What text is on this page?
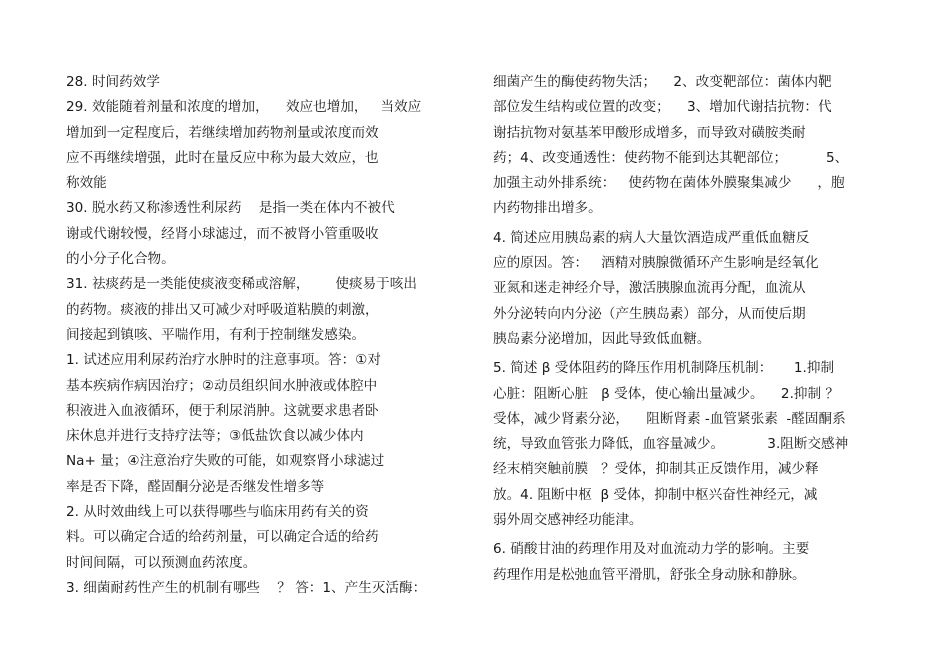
28. 时间药效学
29. 效能随着剂量和浓度的增加，    效应也增加，   当效应
增加到一定程度后，若继续增加药物剂量或浓度而效
应不再继续增强，此时在量反应中称为最大效应，也
称效能
30. 脱水药又称渗透性利尿药    是指一类在体内不被代
谢或代谢较慢，经肾小球滤过，而不被肾小管重吸收
的小分子化合物。
31. 祛痰药是一类能使痰液变稀或溶解，      使痰易于咳出
的药物。痰液的排出又可减少对呼吸道粘膜的刺激，
间接起到镇咳、平喘作用，有利于控制继发感染。
1. 试述应用利尿药治疗水肿时的注意事项。答：①对
基本疾病作病因治疗；②动员组织间水肿液或体腔中
积液进入血液循环，便于利尿消肿。这就要求患者卧
床休息并进行支持疗法等；③低盐饮食以减少体内
Na+ 量；④注意治疗失败的可能，如观察肾小球滤过
率是否下降，醛固酮分泌是否继发性增多等
2. 从时效曲线上可以获得哪些与临床用药有关的资
料。可以确定合适的给药剂量，可以确定合适的给药
时间间隔，可以预测血药浓度。
3. 细菌耐药性产生的机制有哪些    ？ 答：1、产生灭活酶：
细菌产生的酶使药物失活；    2、改变靶部位：菌体内靶
部位发生结构或位置的改变；    3、增加代谢拮抗物：代
谢拮抗物对氨基苯甲酸形成增多，而导致对磺胺类耐
药；4、改变通透性：使药物不能到达其靶部位；         5、
加强主动外排系统：   使药物在菌体外膜聚集减少      ，胞
内药物排出增多。
4. 简述应用胰岛素的病人大量饮酒造成严重低血糖反
应的原因。答：   酒精对胰腺微循环产生影响是经氧化
亚氮和迷走神经介导，激活胰腺血流再分配，血流从
外分泌转向内分泌（产生胰岛素）部分，从而使后期
胰岛素分泌增加，因此导致低血糖。
5. 简述 β 受体阻药的降压作用机制降压机制：     1.抑制
心脏：阻断心脏   β 受体，使心输出量减少。    2.抑制 ？
受体，减少肾素分泌，    阻断肾素 -血管紧张素  -醛固酮系
统，导致血管张力降低，血容量减少。          3.阻断交感神
经末梢突触前膜   ？受体，抑制其正反馈作用，减少释
放。4. 阻断中枢  β 受体，抑制中枢兴奋性神经元，减
弱外周交感神经功能津。
6. 硝酸甘油的药理作用及对血流动力学的影响。主要
药理作用是松弛血管平滑肌，舒张全身动脉和静脉。
